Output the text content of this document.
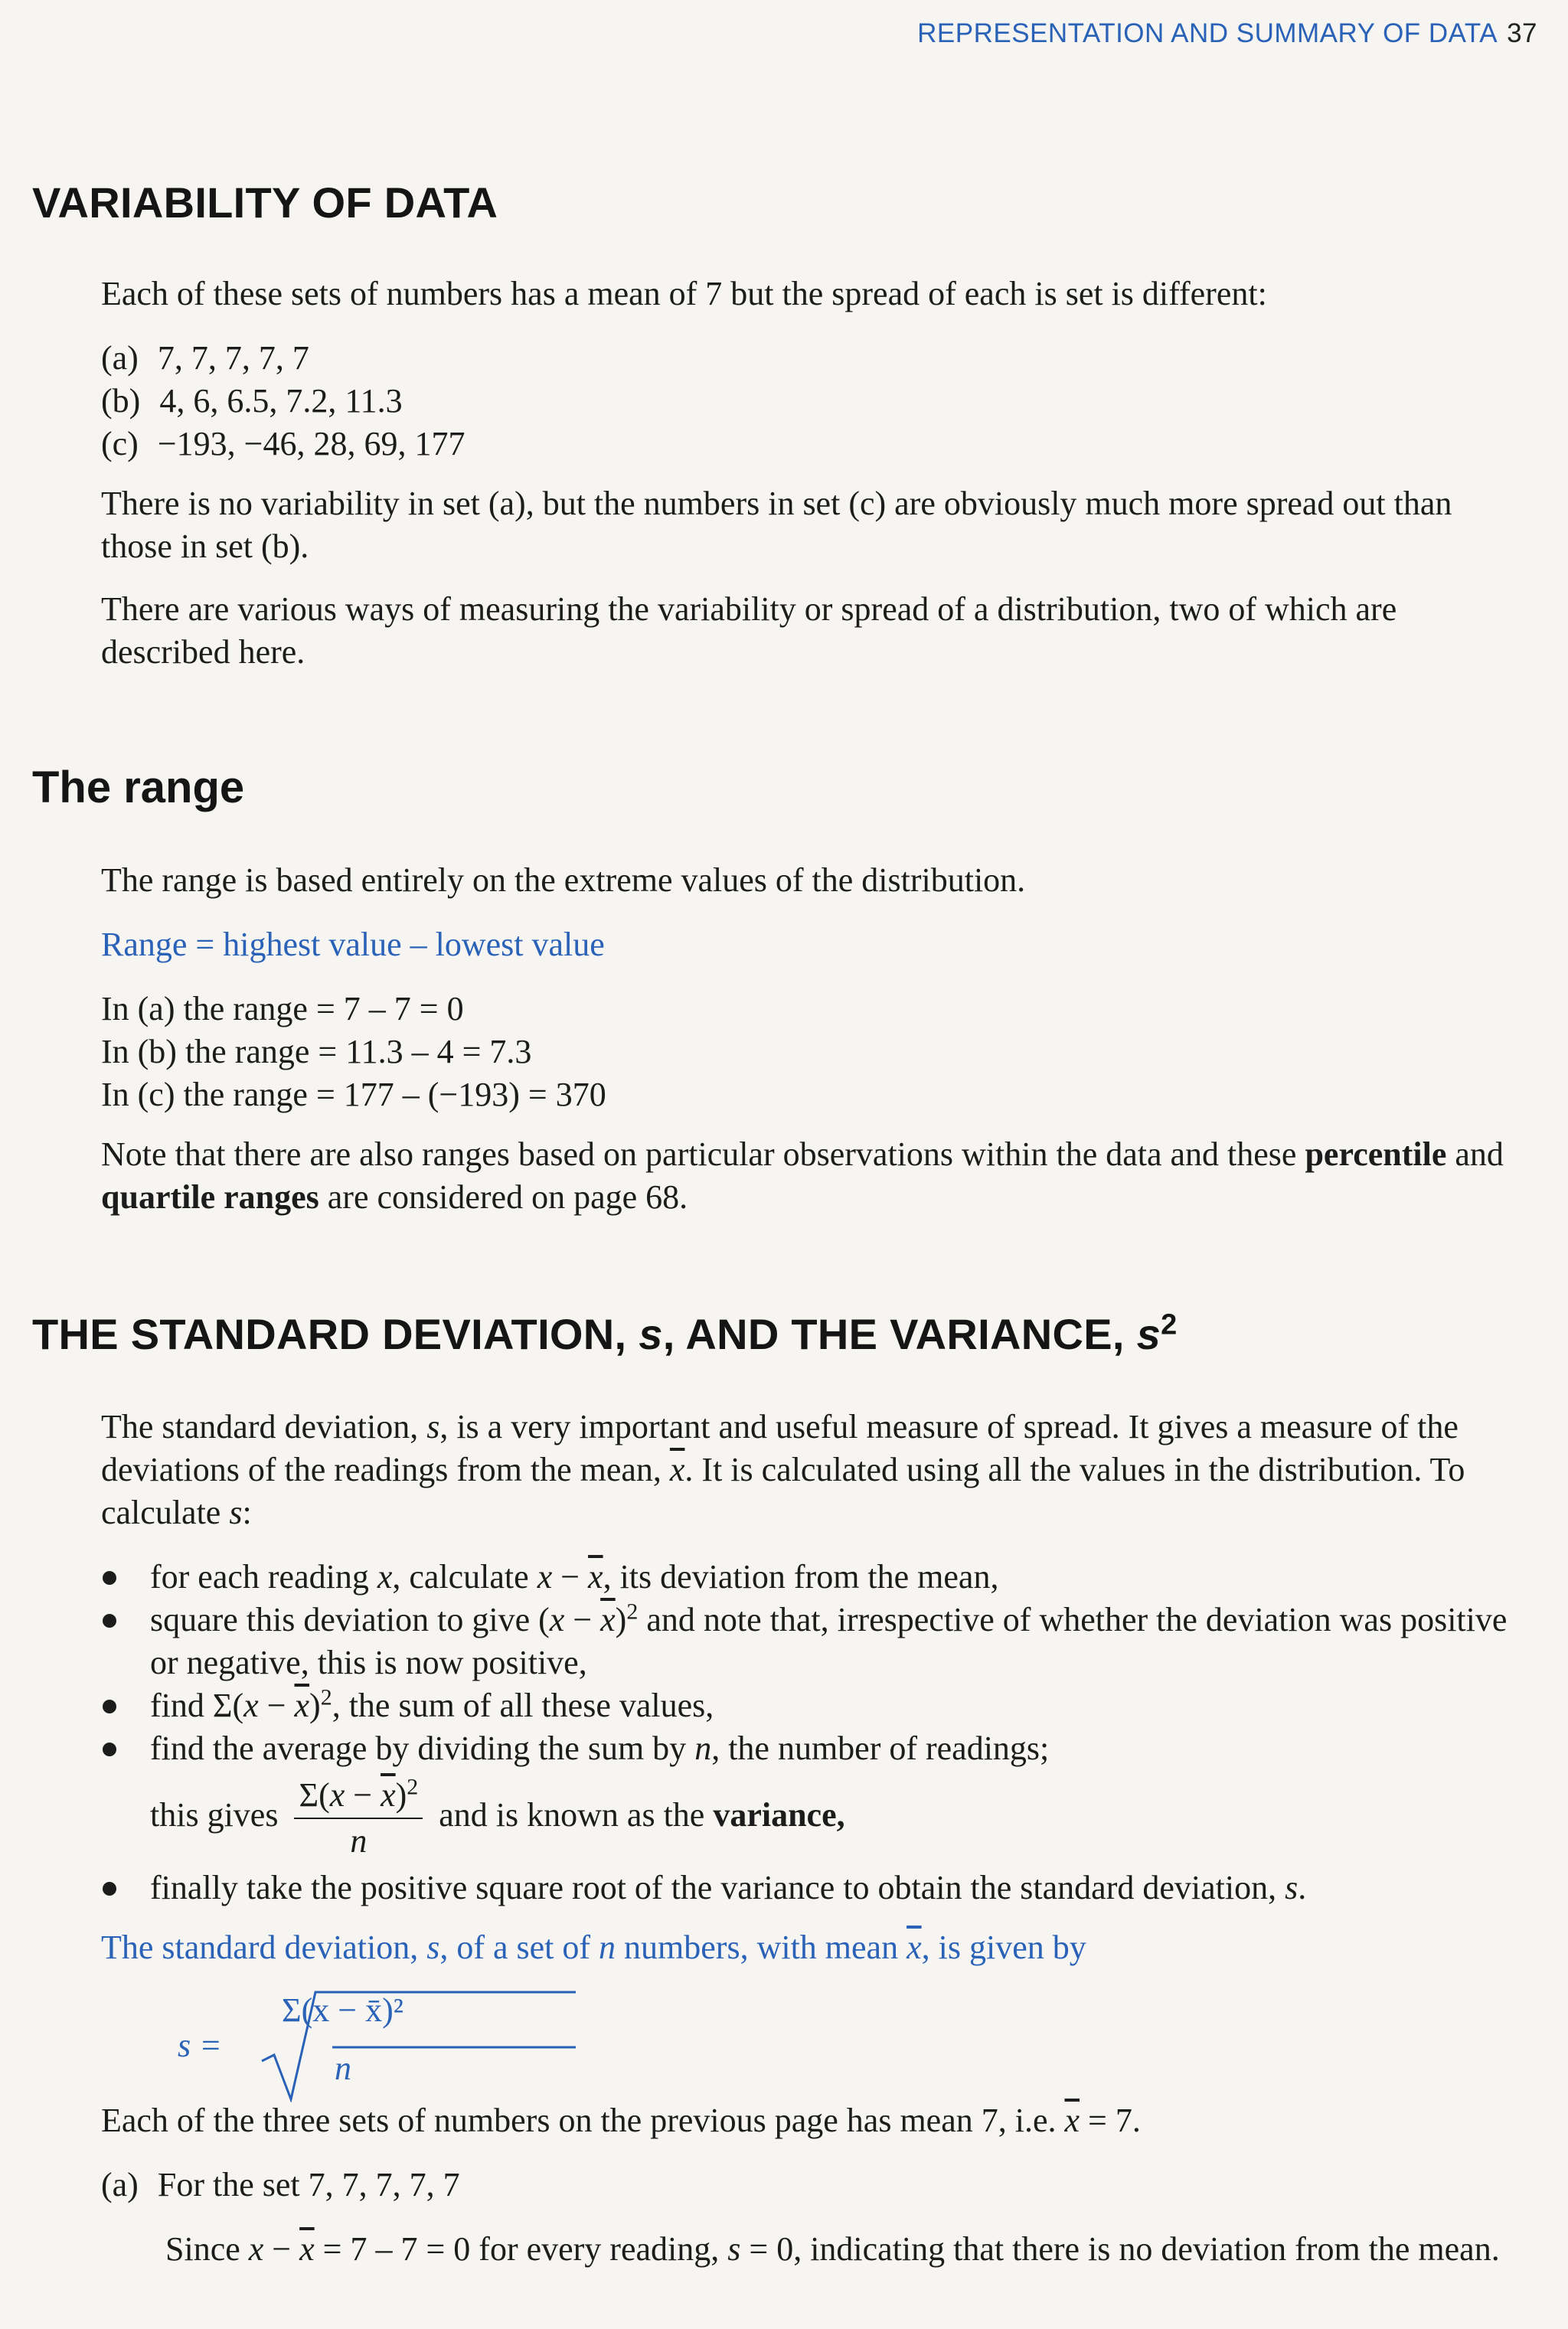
REPRESENTATION AND SUMMARY OF DATA 37
VARIABILITY OF DATA

Each of these sets of numbers has a mean of 7 but the spread of each is set is different:

(a) 7, 7, 7, 7, 7
(b) 4, 6, 6.5, 7.2, 11.3
(c) −193, −46, 28, 69, 177

There is no variability in set (a), but the numbers in set (c) are obviously much more spread out than those in set (b).

There are various ways of measuring the variability or spread of a distribution, two of which are described here.

The range

The range is based entirely on the extreme values of the distribution.

Range = highest value – lowest value

In (a) the range = 7 – 7 = 0
In (b) the range = 11.3 – 4 = 7.3
In (c) the range = 177 – (−193) = 370

Note that there are also ranges based on particular observations within the data and these percentile and quartile ranges are considered on page 68.

THE STANDARD DEVIATION, s, AND THE VARIANCE, $s^2$

The standard deviation, s, is a very important and useful measure of spread. It gives a measure of the deviations of the readings from the mean, $\overline{x}$. It is calculated using all the values in the distribution. To calculate s:

for each reading x, calculate $x - \overline{x}$, its deviation from the mean,
square this deviation to give $(x - \overline{x})^2$ and note that, irrespective of whether the deviation was positive or negative, this is now positive,
find $\Sigma(x - \overline{x})^2$, the sum of all these values,
find the average by dividing the sum by n, the number of readings;
this gives $\frac{\Sigma(x - \overline{x})^2}{n}$ and is known as the variance,
finally take the positive square root of the variance to obtain the standard deviation, s.

The standard deviation, s, of a set of n numbers, with mean $\overline{x}$, is given by

s =
Σ(x − x̄)²
n

Each of the three sets of numbers on the previous page has mean 7, i.e. $\overline{x} = 7$.

(a) For the set 7, 7, 7, 7, 7

Since $x - \overline{x} = 7 - 7 = 0$ for every reading, s = 0, indicating that there is no deviation from the mean.
